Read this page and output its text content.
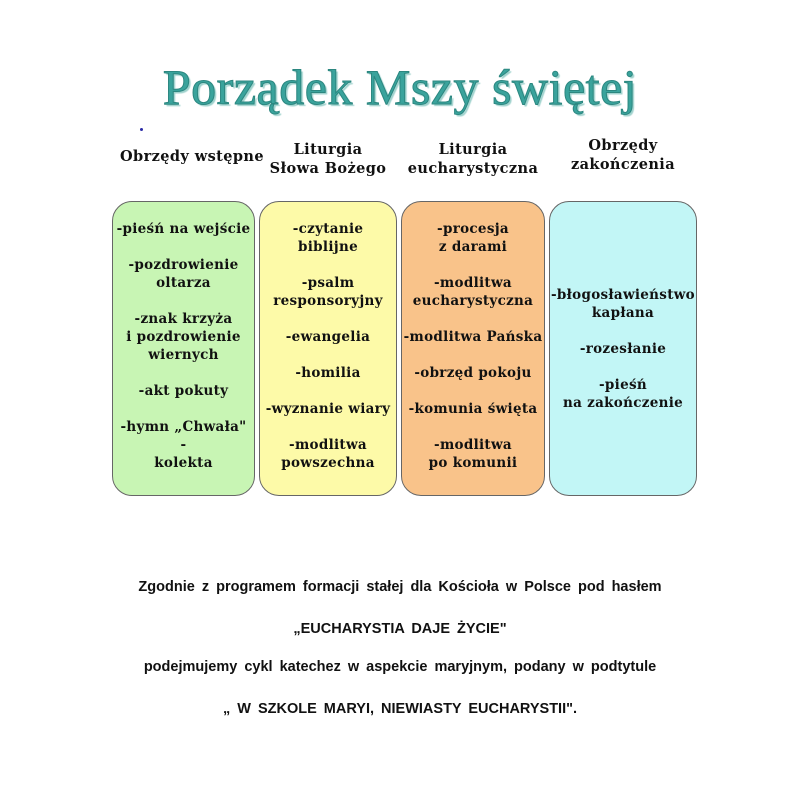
Porządek Mszy świętej
Obrzędy wstępne	Liturgia
Słowa Bożego
Liturgia
eucharystyczna
Obrzędy
zakończenia

-pieśń na wejście

-pozdrowienie
oltarza

-znak krzyża
i pozdrowienie
wiernych

-akt pokuty

-hymn „Chwała"
-
kolekta

-czytanie
biblijne

-psalm
responsoryjny

-ewangelia

-homilia

-wyznanie wiary

-modlitwa
powszechna

-procesja
z darami

-modlitwa
eucharystyczna

-modlitwa Pańska

-obrzęd pokoju

-komunia święta

-modlitwa
po komunii

-błogosławieństwo
kapłana

-rozesłanie

-pieśń
na zakończenie

Zgodnie z programem formacji stałej dla Kościoła w Polsce pod hasłem
„EUCHARYSTIA DAJE ŻYCIE"
podejmujemy cykl katechez w aspekcie maryjnym, podany w podtytule
„ W SZKOLE MARYI, NIEWIASTY EUCHARYSTII".
